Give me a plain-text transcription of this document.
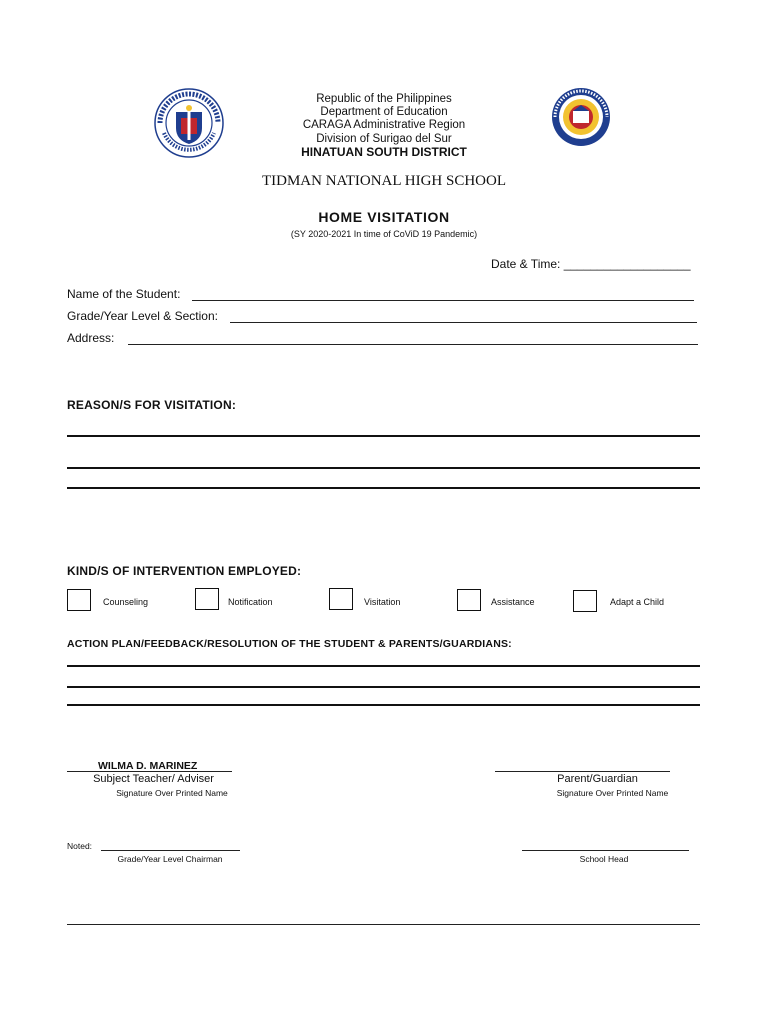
Republic of the Philippines
Department of Education
CARAGA Administrative Region
Division of Surigao del Sur
HINATUAN SOUTH DISTRICT
TIDMAN NATIONAL HIGH SCHOOL
HOME VISITATION
(SY 2020-2021 In time of CoViD 19 Pandemic)
Date & Time: ___________________
Name of the Student:
Grade/Year Level & Section:
Address:
REASON/S FOR VISITATION:
KIND/S OF INTERVENTION EMPLOYED:
Counseling	Notification	Visitation	Assistance	Adapt a Child
ACTION PLAN/FEEDBACK/RESOLUTION OF THE STUDENT & PARENTS/GUARDIANS:
WILMA D. MARINEZ
Subject Teacher/ Adviser
Signature Over Printed Name
Parent/Guardian
Signature Over Printed Name
Noted:
Grade/Year Level Chairman	School Head
